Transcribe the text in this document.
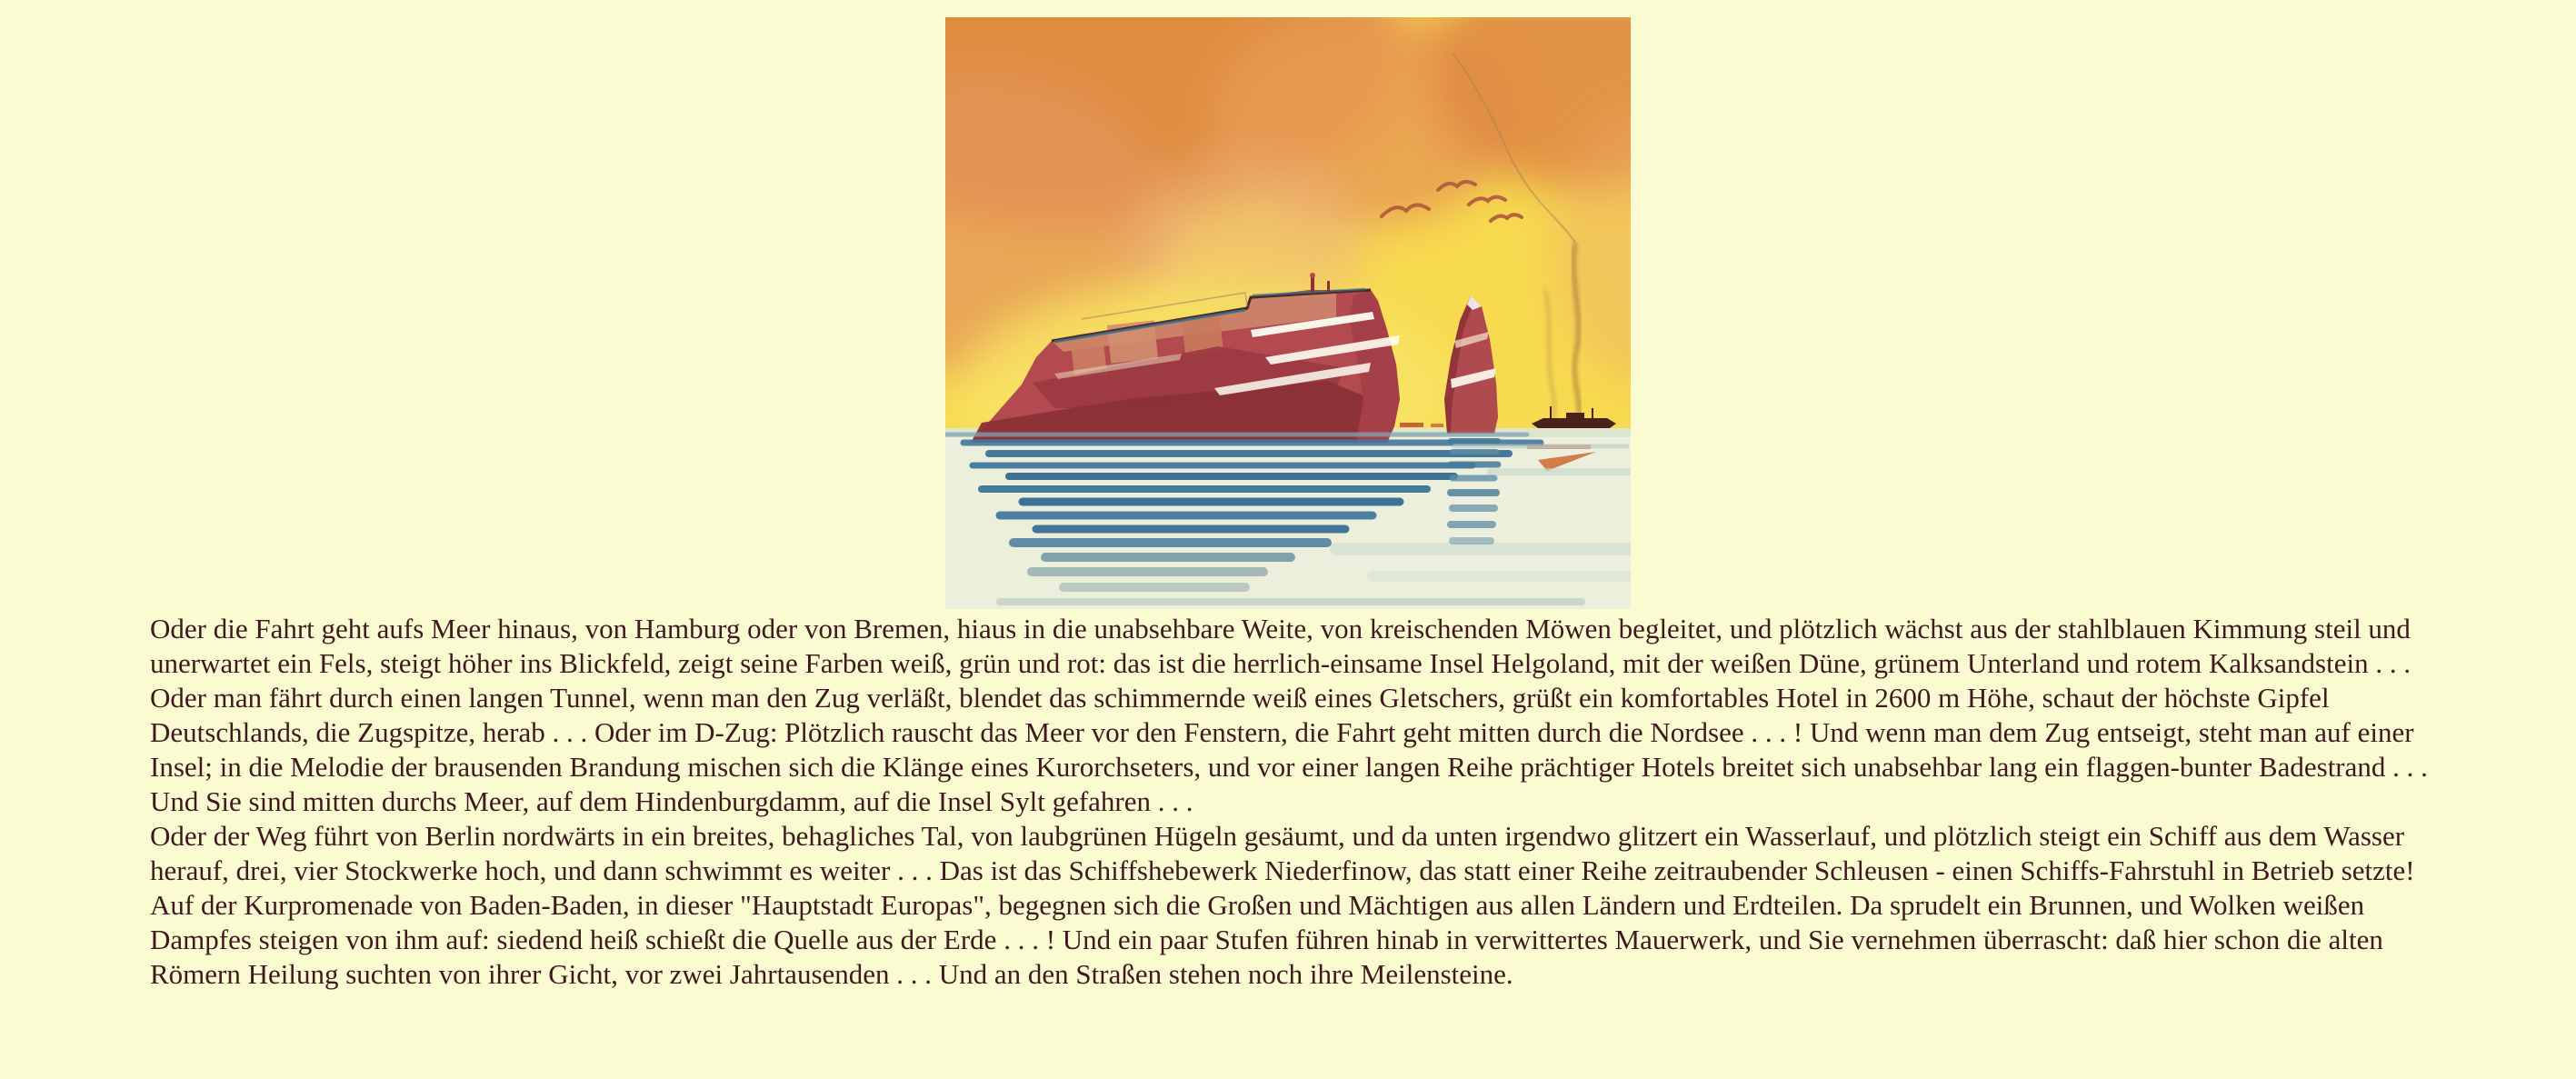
Oder die Fahrt geht aufs Meer hinaus, von Hamburg oder von Bremen, hiaus in die unabsehbare Weite, von kreischenden Möwen begleitet, und plötzlich wächst aus der stahlblauen Kimmung steil und unerwartet ein Fels, steigt höher ins Blickfeld, zeigt seine Farben weiß, grün und rot: das ist die herrlich-einsame Insel Helgoland, mit der weißen Düne, grünem Unterland und rotem Kalksandstein . . .

Oder man fährt durch einen langen Tunnel, wenn man den Zug verläßt, blendet das schimmernde weiß eines Gletschers, grüßt ein komfortables Hotel in 2600 m Höhe, schaut der höchste Gipfel Deutschlands, die Zugspitze, herab . . . Oder im D-Zug: Plötzlich rauscht das Meer vor den Fenstern, die Fahrt geht mitten durch die Nordsee . . . ! Und wenn man dem Zug entseigt, steht man auf einer Insel; in die Melodie der brausenden Brandung mischen sich die Klänge eines Kurorchseters, und vor einer langen Reihe prächtiger Hotels breitet sich unabsehbar lang ein flaggen-bunter Badestrand . . . Und Sie sind mitten durchs Meer, auf dem Hindenburgdamm, auf die Insel Sylt gefahren . . .

Oder der Weg führt von Berlin nordwärts in ein breites, behagliches Tal, von laubgrünen Hügeln gesäumt, und da unten irgendwo glitzert ein Wasserlauf, und plötzlich steigt ein Schiff aus dem Wasser herauf, drei, vier Stockwerke hoch, und dann schwimmt es weiter . . . Das ist das Schiffshebewerk Niederfinow, das statt einer Reihe zeitraubender Schleusen - einen Schiffs-Fahrstuhl in Betrieb setzte!

Auf der Kurpromenade von Baden-Baden, in dieser "Hauptstadt Europas", begegnen sich die Großen und Mächtigen aus allen Ländern und Erdteilen. Da sprudelt ein Brunnen, und Wolken weißen Dampfes steigen von ihm auf: siedend heiß schießt die Quelle aus der Erde . . . ! Und ein paar Stufen führen hinab in verwittertes Mauerwerk, und Sie vernehmen überrascht: daß hier schon die alten Römern Heilung suchten von ihrer Gicht, vor zwei Jahrtausenden . . . Und an den Straßen stehen noch ihre Meilensteine.
